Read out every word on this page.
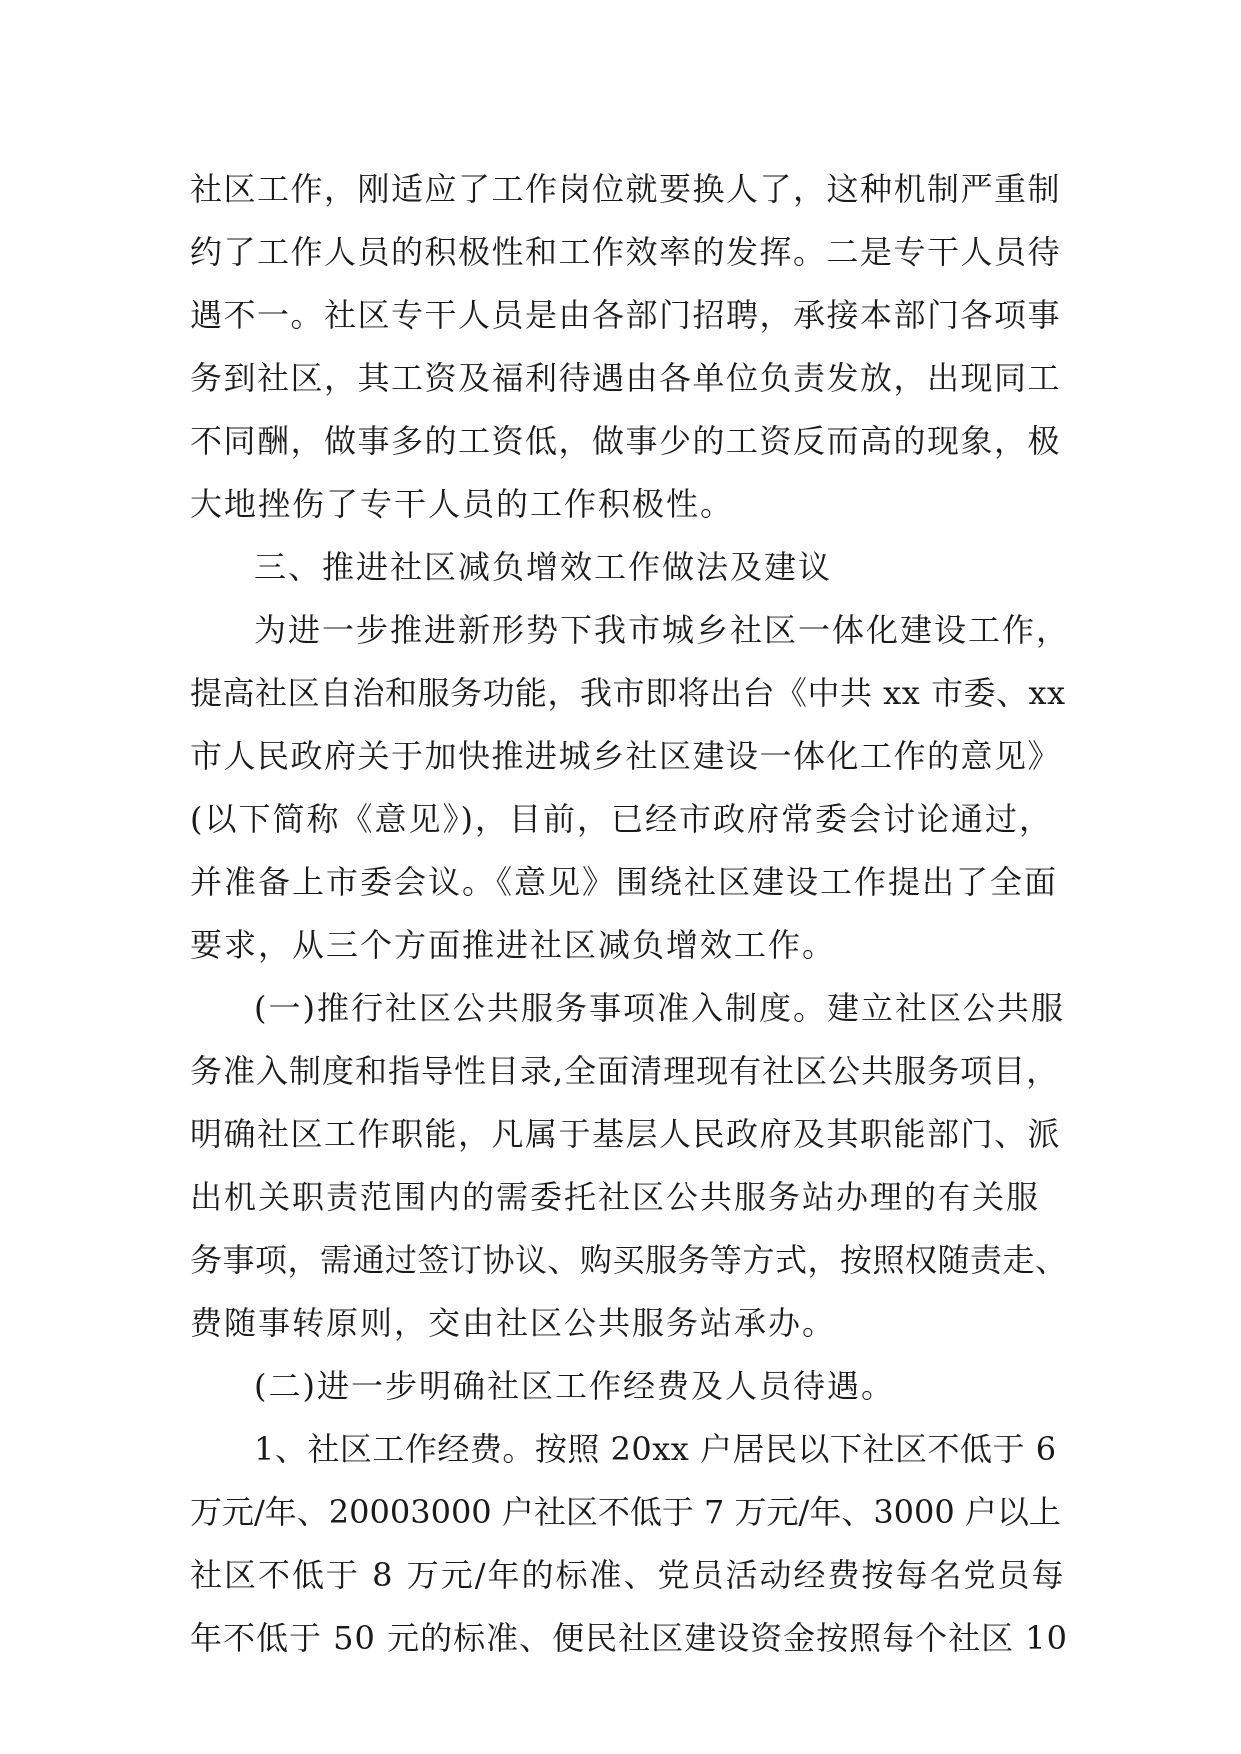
社区工作，刚适应了工作岗位就要换人了，这种机制严重制
约了工作人员的积极性和工作效率的发挥。二是专干人员待
遇不一。社区专干人员是由各部门招聘，承接本部门各项事
务到社区，其工资及福利待遇由各单位负责发放，出现同工
不同酬，做事多的工资低，做事少的工资反而高的现象，极
大地挫伤了专干人员的工作积极性。
三、推进社区减负增效工作做法及建议
为进一步推进新形势下我市城乡社区一体化建设工作，
提高社区自治和服务功能，我市即将出台《中共 xx 市委、xx
市人民政府关于加快推进城乡社区建设一体化工作的意见》
(以下简称《意见》)，目前，已经市政府常委会讨论通过，
并准备上市委会议。《意见》围绕社区建设工作提出了全面
要求，从三个方面推进社区减负增效工作。
(一)推行社区公共服务事项准入制度。建立社区公共服
务准入制度和指导性目录,全面清理现有社区公共服务项目，
明确社区工作职能，凡属于基层人民政府及其职能部门、派
出机关职责范围内的需委托社区公共服务站办理的有关服
务事项，需通过签订协议、购买服务等方式，按照权随责走、
费随事转原则，交由社区公共服务站承办。
(二)进一步明确社区工作经费及人员待遇。
1、社区工作经费。按照 20xx 户居民以下社区不低于 6
万元/年、20003000 户社区不低于 7 万元/年、3000 户以上
社区不低于 8 万元/年的标准、党员活动经费按每名党员每
年不低于 50 元的标准、便民社区建设资金按照每个社区 10
